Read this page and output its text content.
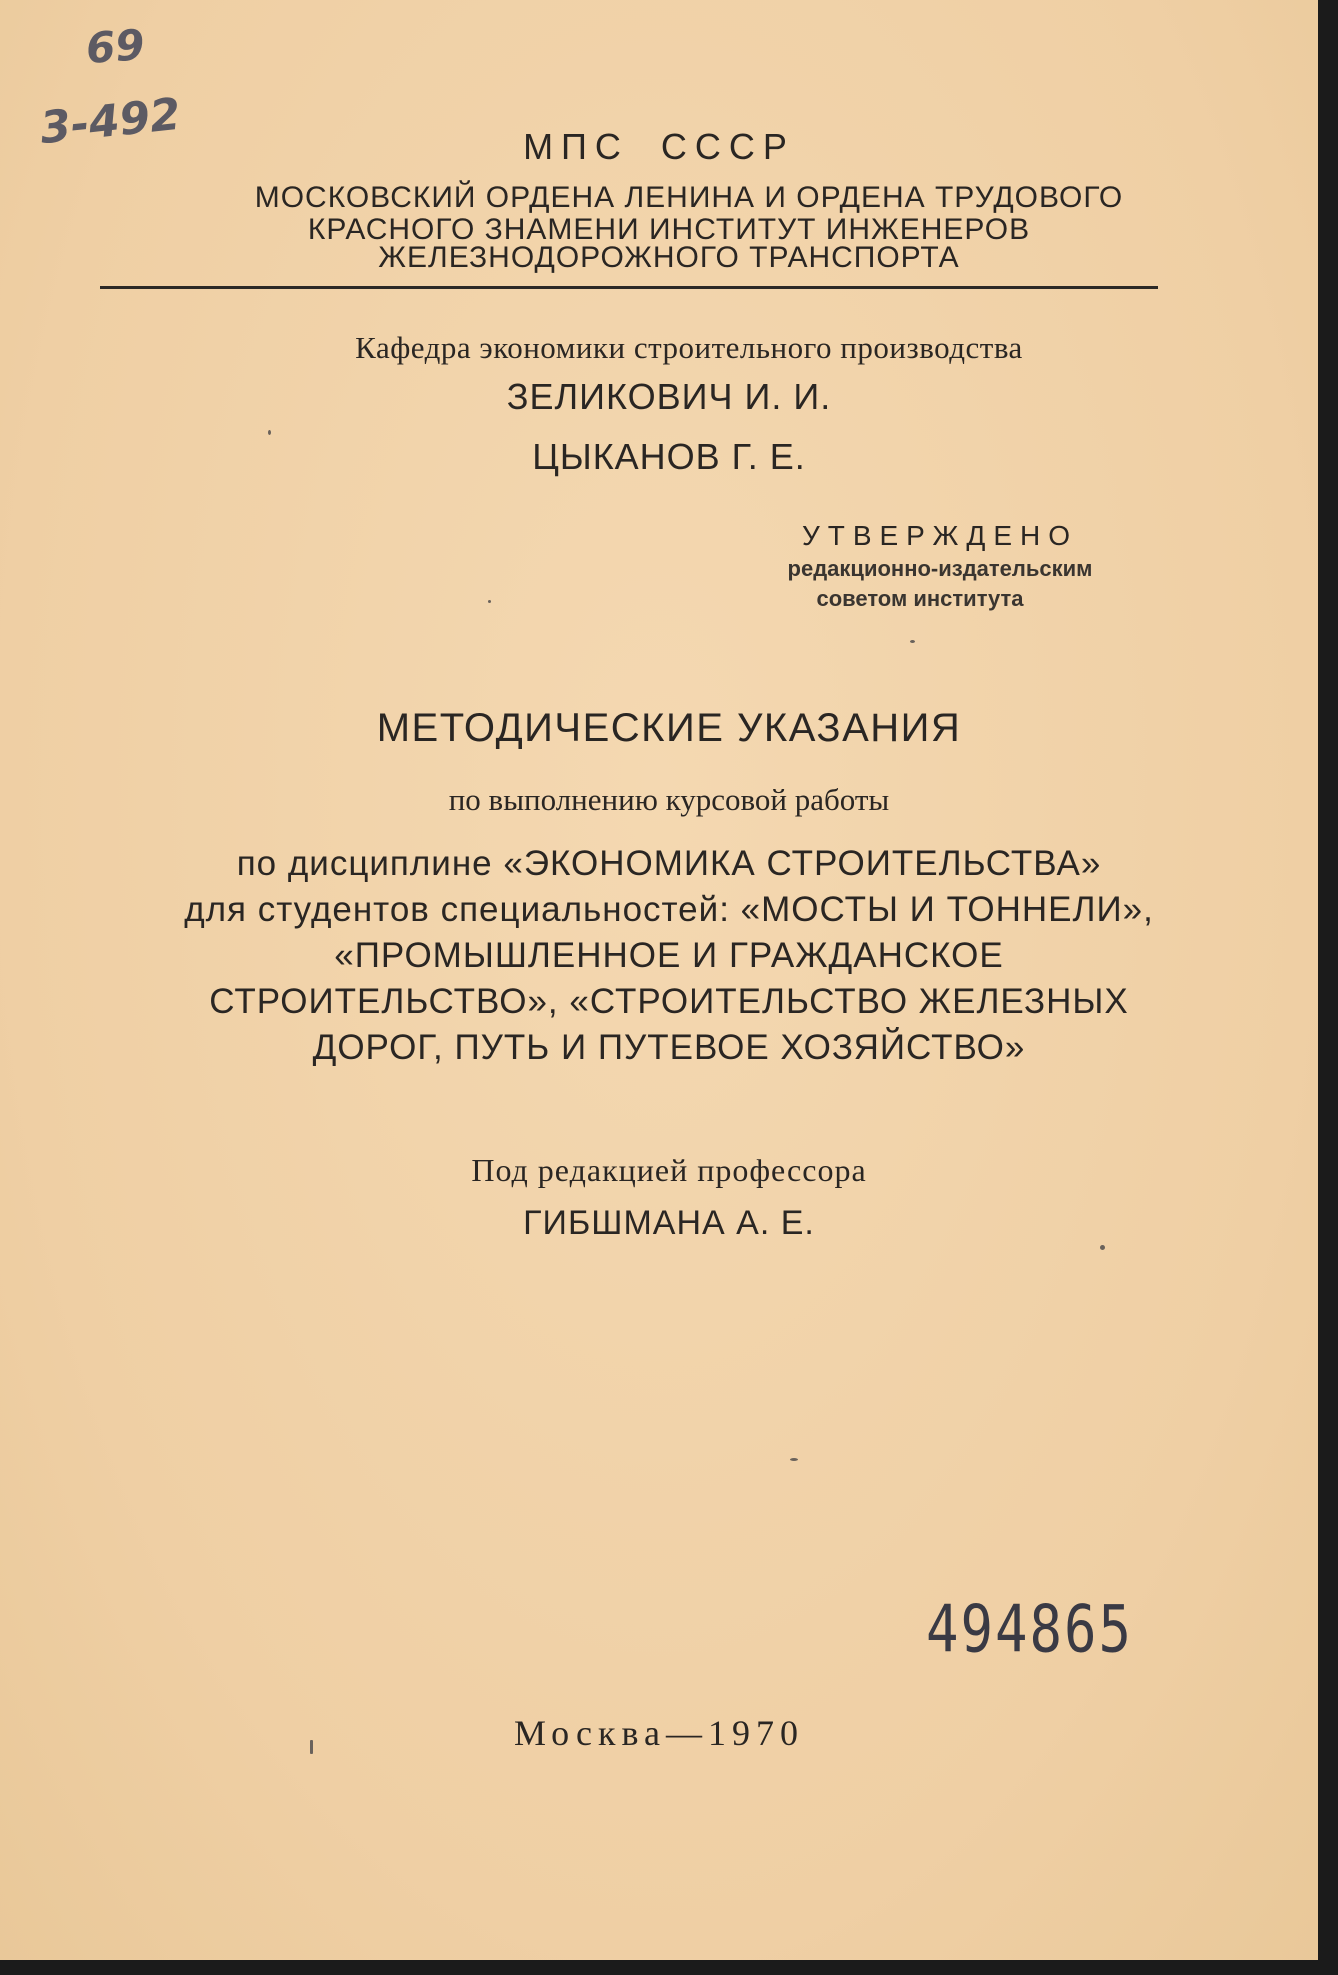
69
3-492	МПС СССР
МОСКОВСКИЙ ОРДЕНА ЛЕНИНА И ОРДЕНА ТРУДОВОГО
КРАСНОГО ЗНАМЕНИ ИНСТИТУТ ИНЖЕНЕРОВ
ЖЕЛЕЗНОДОРОЖНОГО ТРАНСПОРТА
Кафедра экономики строительного производства
ЗЕЛИКОВИЧ И. И.
ЦЫКАНОВ Г. Е.
УТВЕРЖДЕНО
редакционно-издательским
советом института
МЕТОДИЧЕСКИЕ УКАЗАНИЯ
по выполнению курсовой работы
по дисциплине «ЭКОНОМИКА СТРОИТЕЛЬСТВА»
для студентов специальностей: «МОСТЫ И ТОННЕЛИ»,
«ПРОМЫШЛЕННОЕ И ГРАЖДАНСКОЕ
СТРОИТЕЛЬСТВО», «СТРОИТЕЛЬСТВО ЖЕЛЕЗНЫХ
ДОРОГ, ПУТЬ И ПУТЕВОЕ ХОЗЯЙСТВО»
Под редакцией профессора
ГИБШМАНА А. Е.
494865
Москва—1970
